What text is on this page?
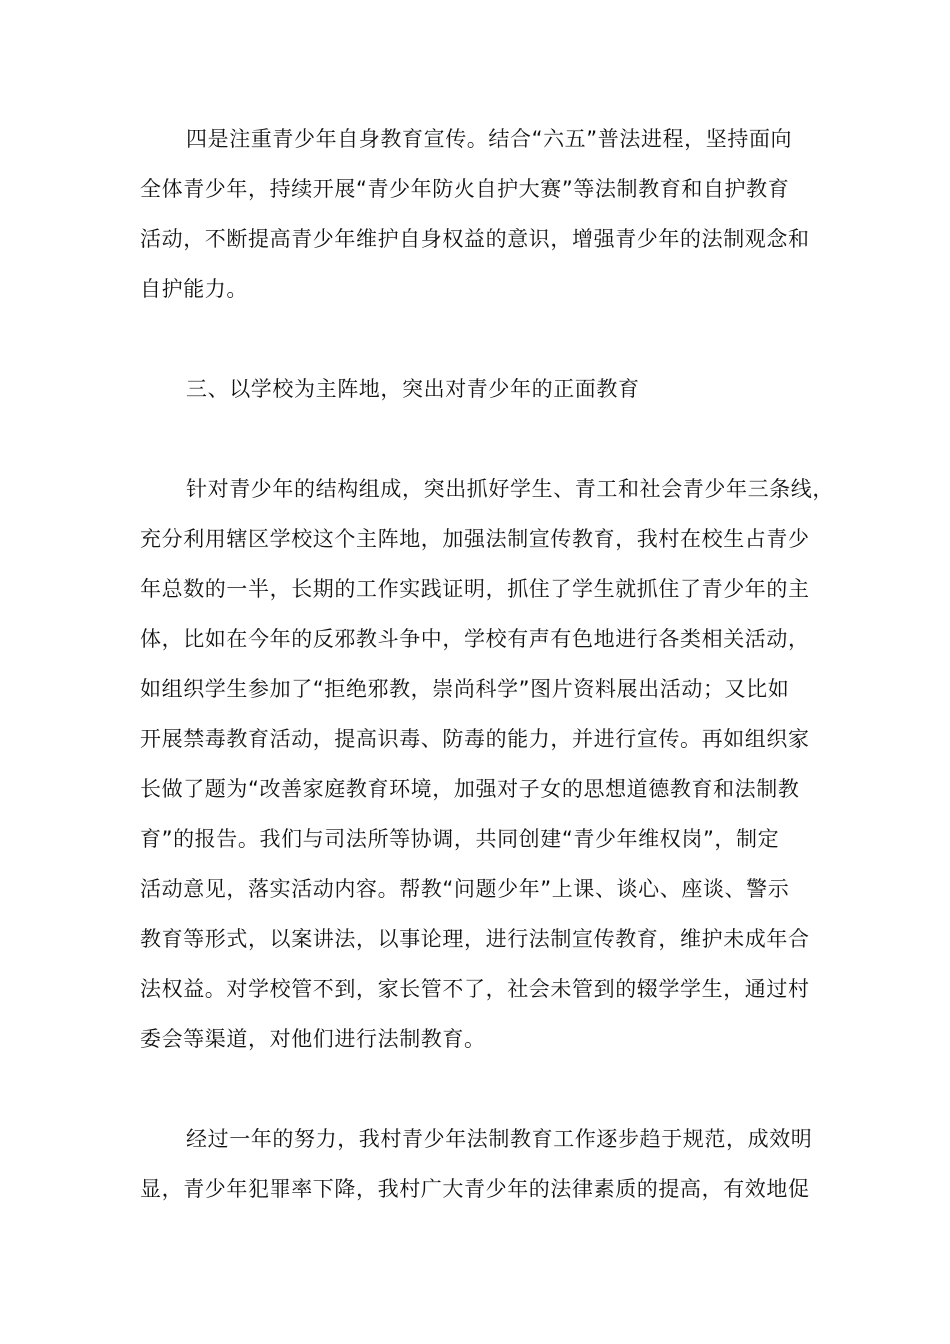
四是注重青少年自身教育宣传。结合“六五”普法进程，坚持面向
全体青少年，持续开展“青少年防火自护大赛”等法制教育和自护教育
活动，不断提高青少年维护自身权益的意识，增强青少年的法制观念和
自护能力。
三、以学校为主阵地，突出对青少年的正面教育
针对青少年的结构组成，突出抓好学生、青工和社会青少年三条线，
充分利用辖区学校这个主阵地，加强法制宣传教育，我村在校生占青少
年总数的一半，长期的工作实践证明，抓住了学生就抓住了青少年的主
体，比如在今年的反邪教斗争中，学校有声有色地进行各类相关活动，
如组织学生参加了“拒绝邪教，崇尚科学”图片资料展出活动；又比如
开展禁毒教育活动，提高识毒、防毒的能力，并进行宣传。再如组织家
长做了题为“改善家庭教育环境，加强对子女的思想道德教育和法制教
育”的报告。我们与司法所等协调，共同创建“青少年维权岗”，制定
活动意见，落实活动内容。帮教“问题少年”上课、谈心、座谈、警示
教育等形式，以案讲法，以事论理，进行法制宣传教育，维护未成年合
法权益。对学校管不到，家长管不了，社会未管到的辍学学生，通过村
委会等渠道，对他们进行法制教育。
经过一年的努力，我村青少年法制教育工作逐步趋于规范，成效明
显，青少年犯罪率下降，我村广大青少年的法律素质的提高，有效地促
